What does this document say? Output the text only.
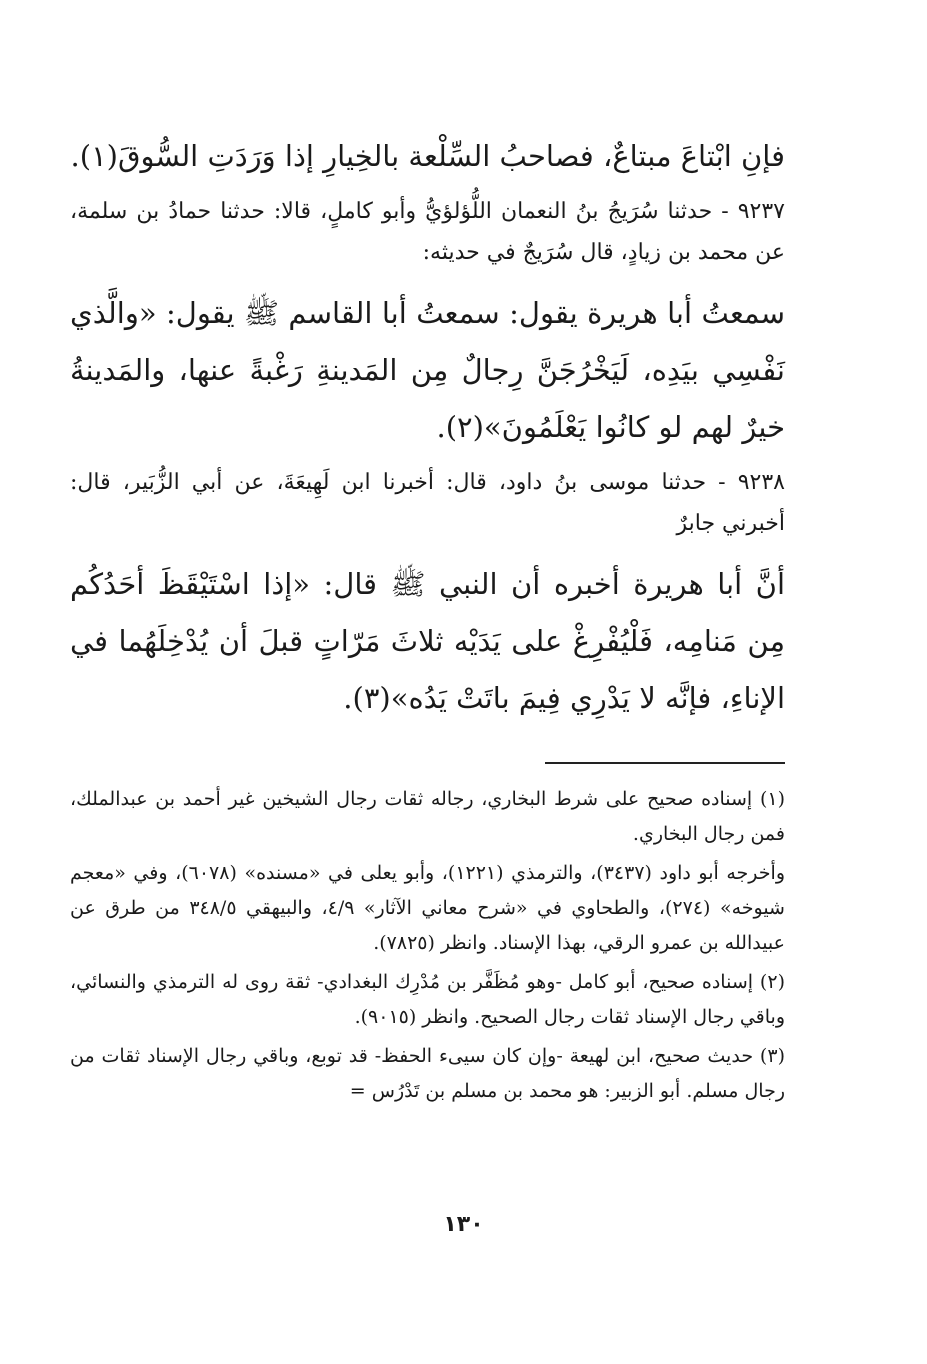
فإنِ ابْتاعَ مبتاعٌ، فصاحبُ السِّلْعة بالخِيارِ إذا وَرَدَتِ السُّوقَ(١).

٩٢٣٧ - حدثنا سُرَيجُ بنُ النعمان اللُّؤلؤيُّ وأبو كاملٍ، قالا: حدثنا حمادُ بن سلمة، عن محمد بن زيادٍ، قال سُرَيجٌ في حديثه:

سمعتُ أبا هريرة يقول: سمعتُ أبا القاسم ﷺ يقول: «والَّذي نَفْسِي بيَدِه، لَيَخْرُجَنَّ رِجالٌ مِن المَدينةِ رَغْبةً عنها، والمَدينةُ خيرٌ لهم لو كانُوا يَعْلَمُونَ»(٢).

٩٢٣٨ - حدثنا موسى بنُ داود، قال: أخبرنا ابن لَهِيعَةَ، عن أبي الزُّبَير، قال: أخبرني جابرٌ

أنَّ أبا هريرة أخبره أن النبي ﷺ قال: «إذا اسْتَيْقَظَ أحَدُكُم مِن مَنامِه، فَلْيُفْرِغْ على يَدَيْه ثلاثَ مَرّاتٍ قبلَ أن يُدْخِلَهُما في الإناءِ، فإنَّه لا يَدْرِي فِيمَ باتَتْ يَدُه»(٣).

(١) إسناده صحيح على شرط البخاري، رجاله ثقات رجال الشيخين غير أحمد بن عبدالملك، فمن رجال البخاري.

وأخرجه أبو داود (٣٤٣٧)، والترمذي (١٢٢١)، وأبو يعلى في «مسنده» (٦٠٧٨)، وفي «معجم شيوخه» (٢٧٤)، والطحاوي في «شرح معاني الآثار» ٤/٩، والبيهقي ٣٤٨/٥ من طرق عن عبيدالله بن عمرو الرقي، بهذا الإسناد. وانظر (٧٨٢٥).

(٢) إسناده صحيح، أبو كامل -وهو مُظَفَّر بن مُدْرِك البغدادي- ثقة روى له الترمذي والنسائي، وباقي رجال الإسناد ثقات رجال الصحيح. وانظر (٩٠١٥).

(٣) حديث صحيح، ابن لهيعة -وإن كان سيىء الحفظ- قد توبع، وباقي رجال الإسناد ثقات من رجال مسلم. أبو الزبير: هو محمد بن مسلم بن تَدْرُس =

١٣٠
